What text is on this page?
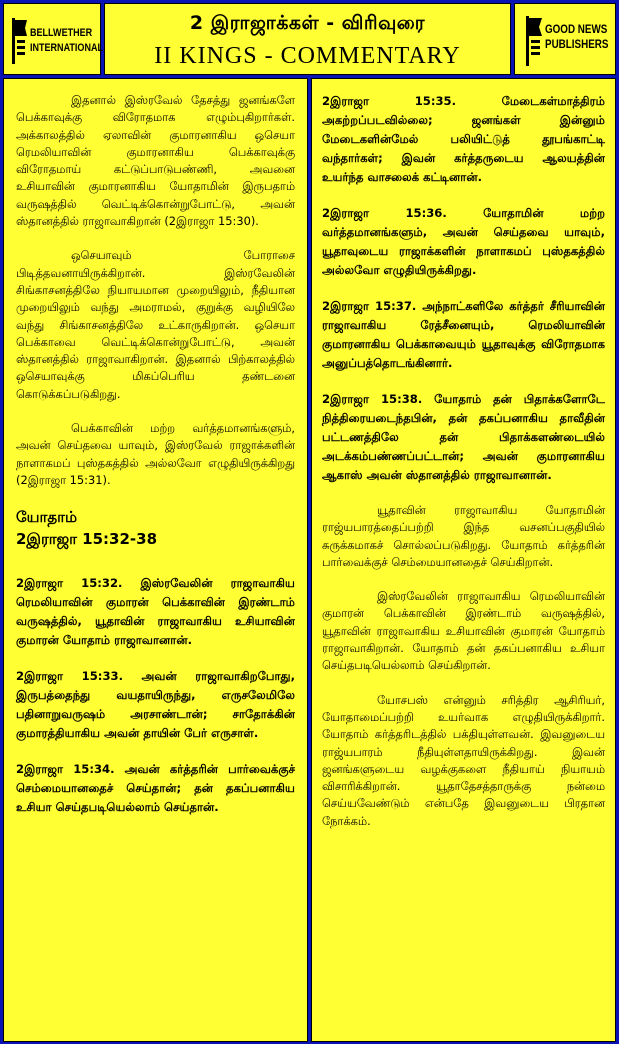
BELLWETHER
INTERNATIONAL
2 இராஜாக்கள் - விரிவுரை
II KINGS - COMMENTARY
GOOD NEWS
PUBLISHERS

இதனால் இஸ்ரவேல் தேசத்து ஜனங்களே பெக்காவுக்கு விரோதமாக எழும்புகிறார்கள். அக்காலத்தில் ஏலாவின் குமாரனாகிய ஒசெயா ரெமலியாவின் குமாரனாகிய பெக்காவுக்கு விரோதமாய் கட்டுப்பாடுபண்ணி, அவனை உசியாவின் குமாரனாகிய யோதாமின் இருபதாம் வருஷத்தில் வெட்டிக்கொன்றுபோட்டு, அவன் ஸ்தானத்தில் ராஜாவாகிறான் (2இராஜா 15:30).

ஒசெயாவும் போராசை பிடித்தவனாயிருக்கிறான். இஸ்ரவேலின் சிங்காசனத்திலே நியாயமான முறையிலும், நீதியான முறையிலும் வந்து அமராமல், குறுக்கு வழியிலே வந்து சிங்காசனத்திலே உட்காருகிறான். ஒசெயா பெக்காவை வெட்டிக்கொன்றுபோட்டு, அவன் ஸ்தானத்தில் ராஜாவாகிறான். இதனால் பிற்காலத்தில் ஒசெயாவுக்கு மிகப்பெரிய தண்டனை கொடுக்கப்படுகிறது.

பெக்காவின் மற்ற வர்த்தமானங்களும், அவன் செய்தவை யாவும், இஸ்ரவேல் ராஜாக்களின் நாளாகமப் புஸ்தகத்தில் அல்லவோ எழுதியிருக்கிறது (2இராஜா 15:31).

யோதாம்
2இராஜா 15:32-38

2இராஜா 15:32. இஸ்ரவேலின் ராஜாவாகிய ரெமலியாவின் குமாரன் பெக்காவின் இரண்டாம் வருஷத்தில், யூதாவின் ராஜாவாகிய உசியாவின் குமாரன் யோதாம் ராஜாவானான்.

2இராஜா 15:33. அவன் ராஜாவாகிறபோது, இருபத்தைந்து வயதாயிருந்து, எருசலேமிலே பதினாறுவருஷம் அரசாண்டான்; சாதோக்கின் குமாரத்தியாகிய அவன் தாயின் பேர் எருசாள்.

2இராஜா 15:34. அவன் கர்த்தரின் பார்வைக்குச் செம்மையானதைச் செய்தான்; தன் தகப்பனாகிய உசியா செய்தபடியெல்லாம் செய்தான்.

2இராஜா 15:35. மேடைகள்மாத்திரம் அகற்றப்படவில்லை; ஜனங்கள் இன்னும் மேடைகளின்மேல் பலியிட்டுத் தூபங்காட்டி வந்தார்கள்; இவன் கர்த்தருடைய ஆலயத்தின் உயர்ந்த வாசலைக் கட்டினான்.

2இராஜா 15:36. யோதாமின் மற்ற வர்த்தமானங்களும், அவன் செய்தவை யாவும், யூதாவுடைய ராஜாக்களின் நாளாகமப் புஸ்தகத்தில் அல்லவோ எழுதியிருக்கிறது.

2இராஜா 15:37. அந்நாட்களிலே கர்த்தர் சீரியாவின் ராஜாவாகிய ரேத்சீனையும், ரெமலியாவின் குமாரனாகிய பெக்காவையும் யூதாவுக்கு விரோதமாக அனுப்பத்தொடங்கினார்.

2இராஜா 15:38. யோதாம் தன் பிதாக்களோடே நித்திரையடைந்தபின், தன் தகப்பனாகிய தாவீதின் பட்டணத்திலே தன் பிதாக்களண்டையில் அடக்கம்பண்ணப்பட்டான்; அவன் குமாரனாகிய ஆகாஸ் அவன் ஸ்தானத்தில் ராஜாவானான்.

யூதாவின் ராஜாவாகிய யோதாமின் ராஜ்யபாரத்தைப்பற்றி இந்த வசனப்பகுதியில் சுருக்கமாகச் சொல்லப்படுகிறது. யோதாம் கர்த்தரின் பார்வைக்குச் செம்மையானதைச் செய்கிறான்.

இஸ்ரவேலின் ராஜாவாகிய ரெமலியாவின் குமாரன் பெக்காவின் இரண்டாம் வருஷத்தில், யூதாவின் ராஜாவாகிய உசியாவின் குமாரன் யோதாம் ராஜாவாகிறான். யோதாம் தன் தகப்பனாகிய உசியா செய்தபடியெல்லாம் செய்கிறான்.

யோசபஸ் என்னும் சரித்திர ஆசிரியர், யோதாமைப்பற்றி உயர்வாக எழுதியிருக்கிறார். யோதாம் கர்த்தரிடத்தில் பக்தியுள்ளவன். இவனுடைய ராஜ்யபாரம் நீதியுள்ளதாயிருக்கிறது. இவன் ஜனங்களுடைய வழக்குகளை நீதியாய் நியாயம் விசாரிக்கிறான். யூதாதேசத்தாருக்கு நன்மை செய்யவேண்டும் என்பதே இவனுடைய பிரதான நோக்கம்.
